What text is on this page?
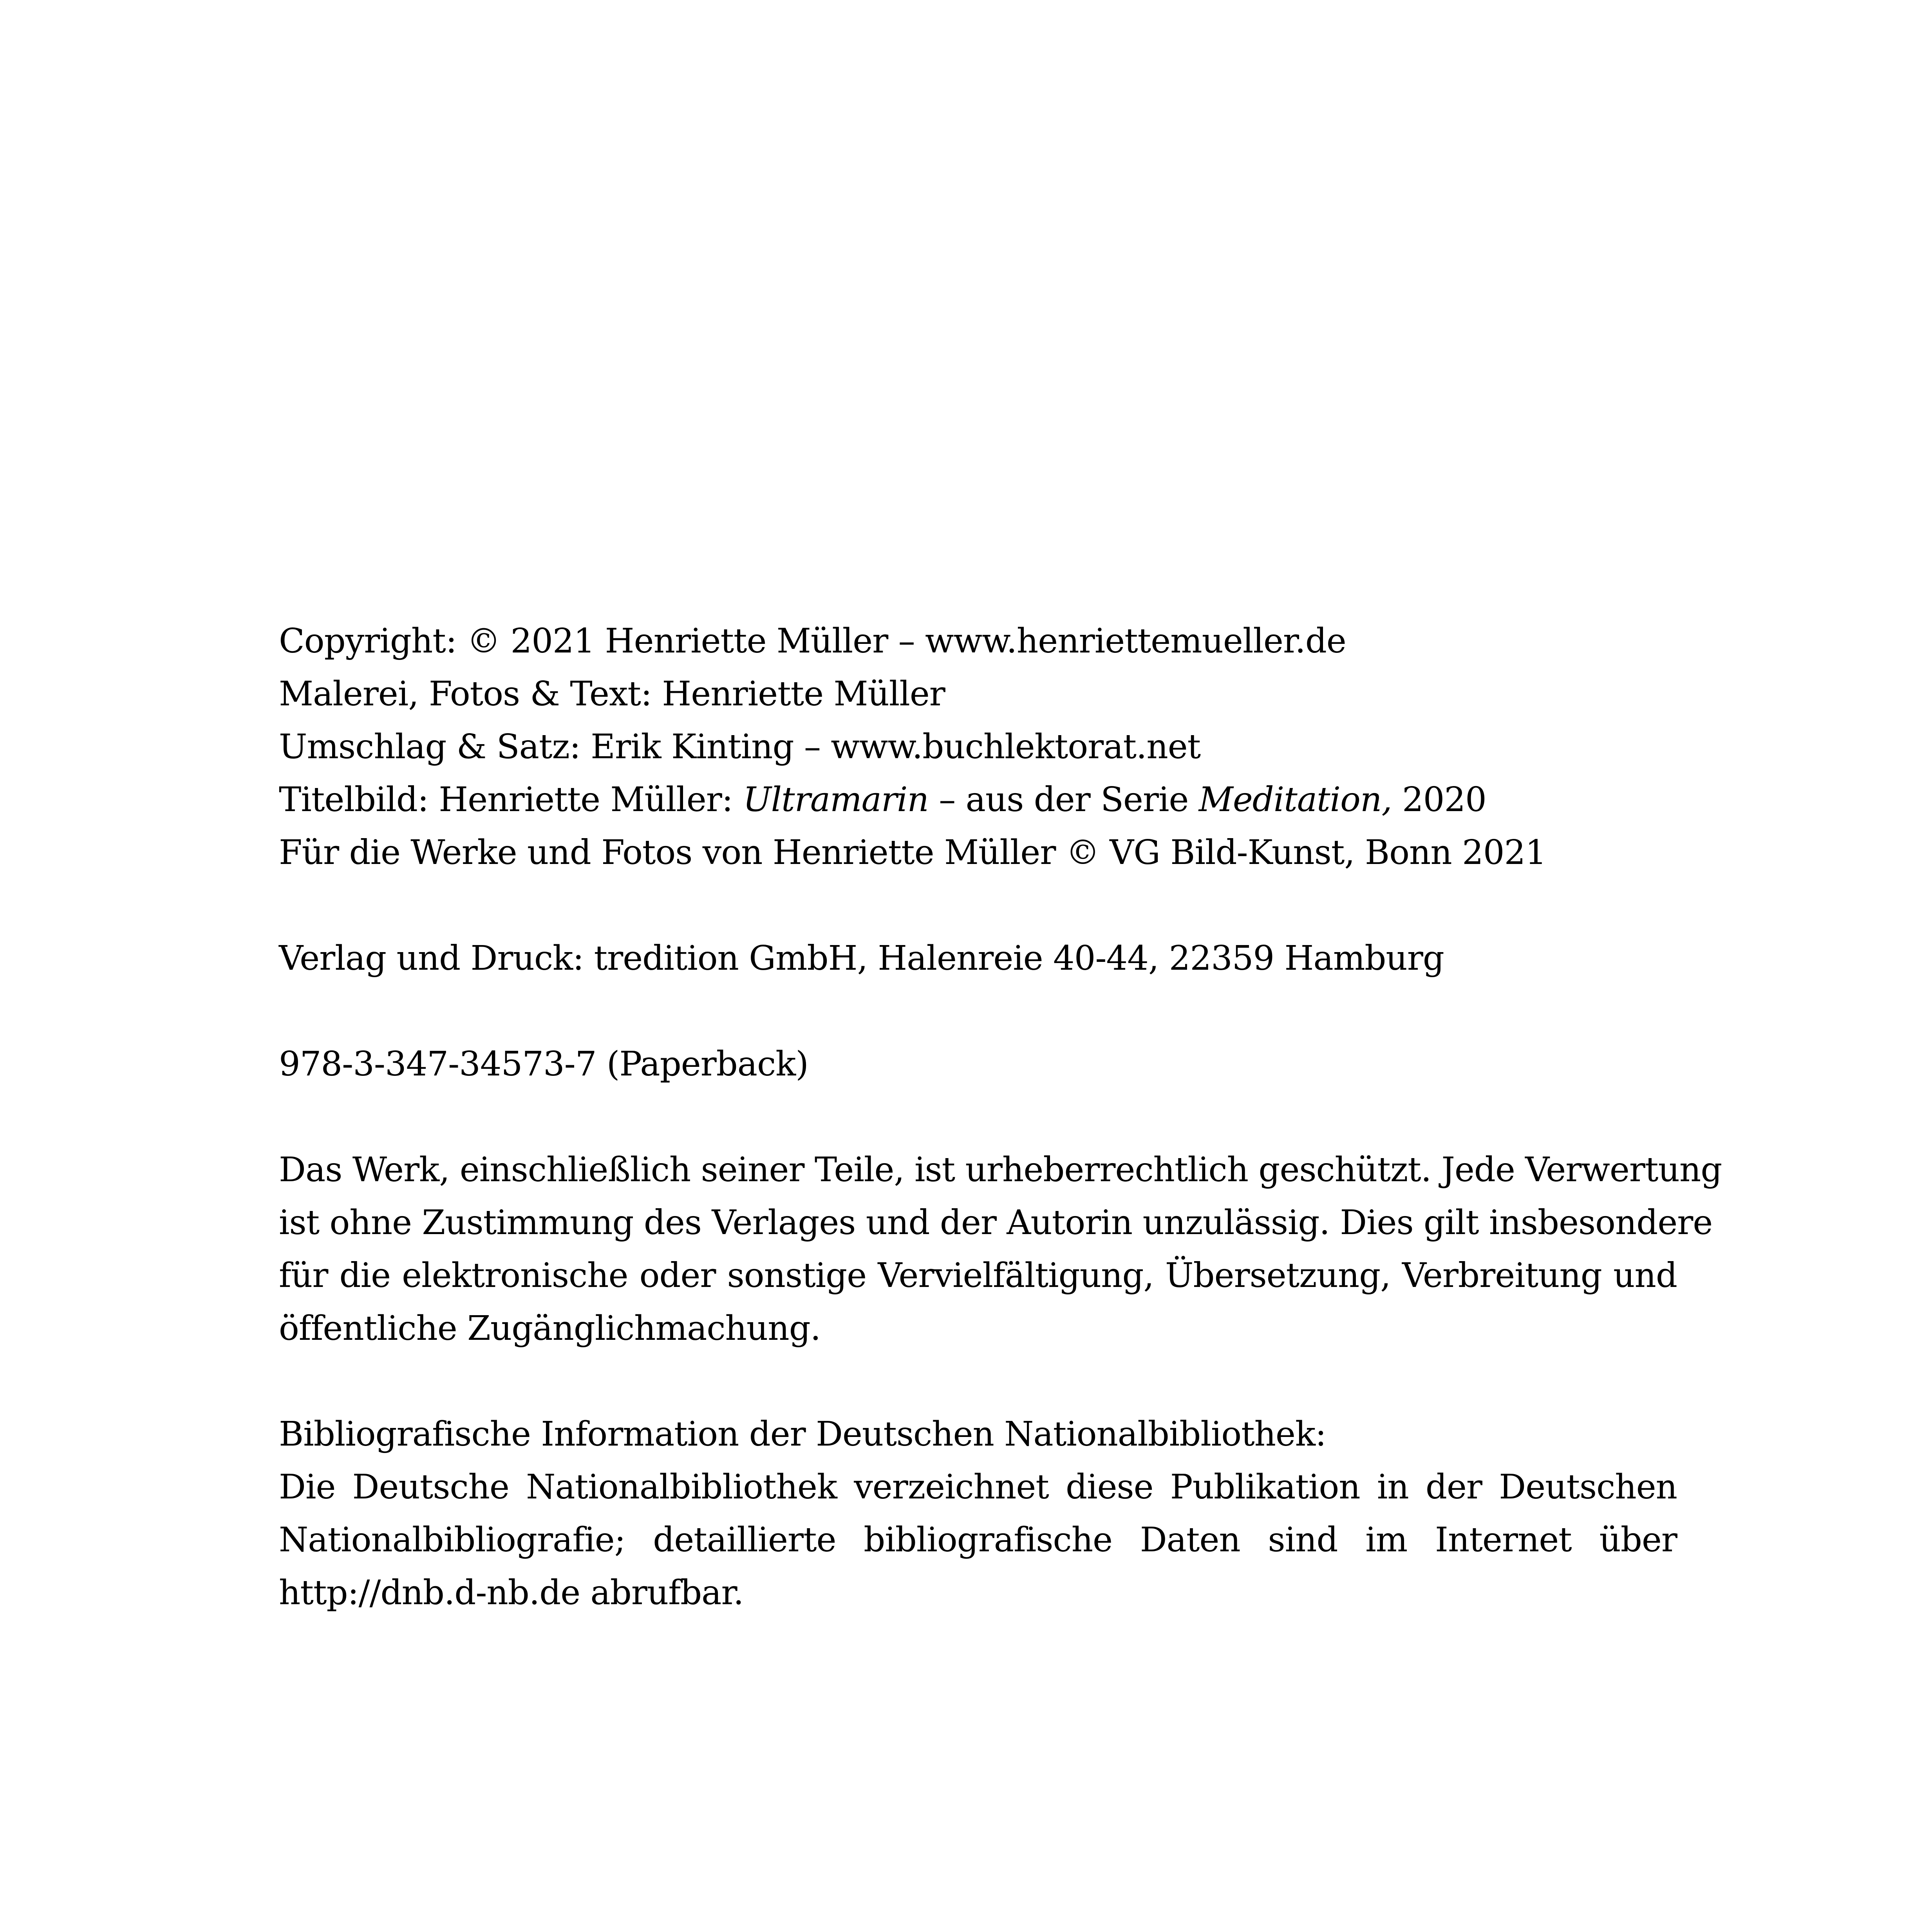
Copyright: © 2021 Henriette Müller – www.henriettemueller.de
Malerei, Fotos & Text: Henriette Müller
Umschlag & Satz: Erik Kinting – www.buchlektorat.net
Titelbild: Henriette Müller: Ultramarin – aus der Serie Meditation, 2020
Für die Werke und Fotos von Henriette Müller © VG Bild-Kunst, Bonn 2021
Verlag und Druck: tredition GmbH, Halenreie 40-44, 22359 Hamburg
978-3-347-34573-7 (Paperback)
Das Werk, einschließlich seiner Teile, ist urheberrechtlich geschützt. Jede Verwertung
ist ohne Zustimmung des Verlages und der Autorin unzulässig. Dies gilt insbesondere
für die elektronische oder sonstige Vervielfältigung, Übersetzung, Verbreitung und
öffentliche Zugänglichmachung.
Bibliografische Information der Deutschen Nationalbibliothek:
Die Deutsche Nationalbibliothek verzeichnet diese Publikation in der Deutschen
Nationalbibliografie; detaillierte bibliografische Daten sind im Internet über
http://dnb.d-nb.de abrufbar.
